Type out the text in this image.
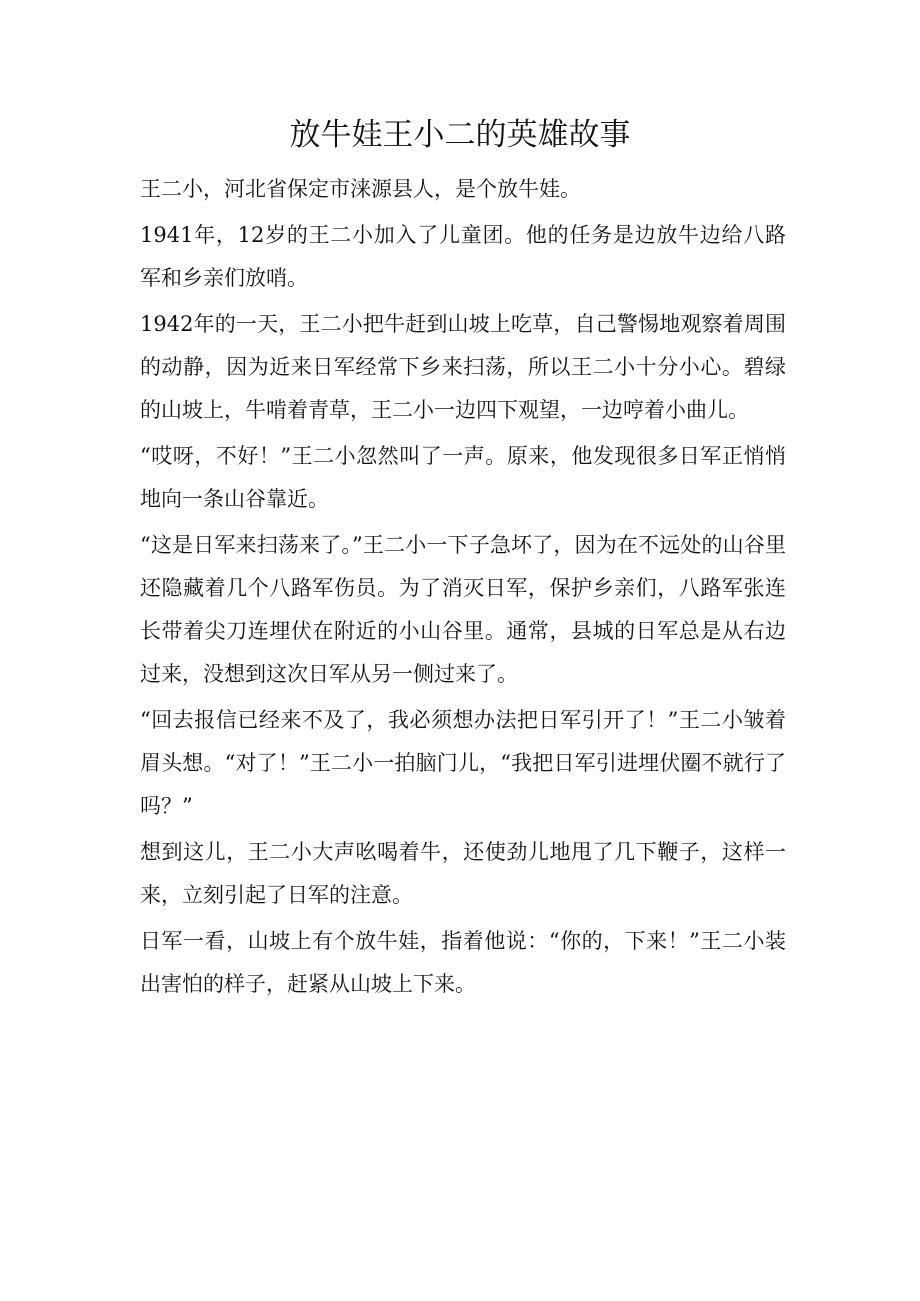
放牛娃王小二的英雄故事

王二小，河北省保定市涞源县人，是个放牛娃。

1941年，12岁的王二小加入了儿童团。他的任务是边放牛边给八路军和乡亲们放哨。

1942年的一天，王二小把牛赶到山坡上吃草，自己警惕地观察着周围的动静，因为近来日军经常下乡来扫荡，所以王二小十分小心。碧绿的山坡上，牛啃着青草，王二小一边四下观望，一边哼着小曲儿。

“哎呀，不好！”王二小忽然叫了一声。原来，他发现很多日军正悄悄地向一条山谷靠近。

“这是日军来扫荡来了。”王二小一下子急坏了，因为在不远处的山谷里还隐藏着几个八路军伤员。为了消灭日军，保护乡亲们，八路军张连长带着尖刀连埋伏在附近的小山谷里。通常，县城的日军总是从右边过来，没想到这次日军从另一侧过来了。

“回去报信已经来不及了，我必须想办法把日军引开了！”王二小皱着眉头想。“对了！”王二小一拍脑门儿，“我把日军引进埋伏圈不就行了吗？”

想到这儿，王二小大声吆喝着牛，还使劲儿地甩了几下鞭子，这样一来，立刻引起了日军的注意。

日军一看，山坡上有个放牛娃，指着他说：“你的，下来！”王二小装出害怕的样子，赶紧从山坡上下来。
